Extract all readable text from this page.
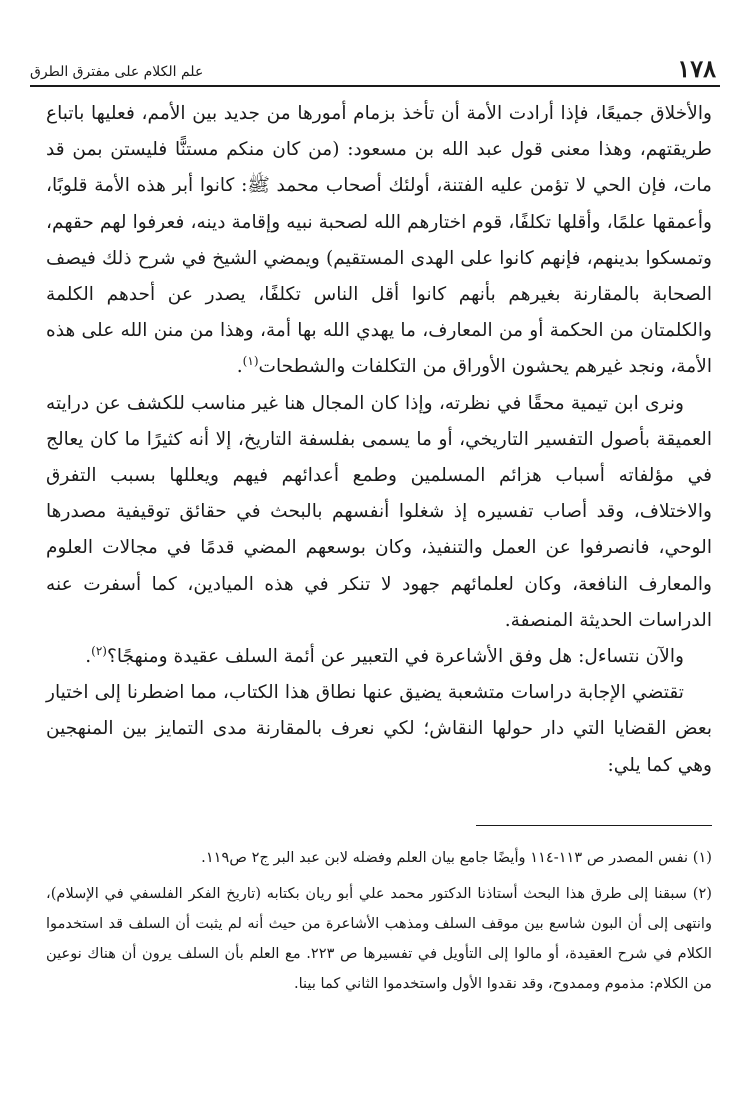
١٧٨
علم الكلام على مفترق الطرق

والأخلاق جميعًا، فإذا أرادت الأمة أن تأخذ بزمام أمورها من جديد بين الأمم، فعليها باتباع طريقتهم، وهذا معنى قول عبد الله بن مسعود: (من كان منكم مستنًّا فليستن بمن قد مات، فإن الحي لا تؤمن عليه الفتنة، أولئك أصحاب محمد ﷺ: كانوا أبر هذه الأمة قلوبًا، وأعمقها علمًا، وأقلها تكلفًا، قوم اختارهم الله لصحبة نبيه وإقامة دينه، فعرفوا لهم حقهم، وتمسكوا بدينهم، فإنهم كانوا على الهدى المستقيم) ويمضي الشيخ في شرح ذلك فيصف الصحابة بالمقارنة بغيرهم بأنهم كانوا أقل الناس تكلفًا، يصدر عن أحدهم الكلمة والكلمتان من الحكمة أو من المعارف، ما يهدي الله بها أمة، وهذا من منن الله على هذه الأمة، ونجد غيرهم يحشون الأوراق من التكلفات والشطحات$^{(١)}$.

ونرى ابن تيمية محقًا في نظرته، وإذا كان المجال هنا غير مناسب للكشف عن درايته العميقة بأصول التفسير التاريخي، أو ما يسمى بفلسفة التاريخ، إلا أنه كثيرًا ما كان يعالج في مؤلفاته أسباب هزائم المسلمين وطمع أعدائهم فيهم ويعللها بسبب التفرق والاختلاف، وقد أصاب تفسيره إذ شغلوا أنفسهم بالبحث في حقائق توقيفية مصدرها الوحي، فانصرفوا عن العمل والتنفيذ، وكان بوسعهم المضي قدمًا في مجالات العلوم والمعارف النافعة، وكان لعلمائهم جهود لا تنكر في هذه الميادين، كما أسفرت عنه الدراسات الحديثة المنصفة.

والآن نتساءل: هل وفق الأشاعرة في التعبير عن أئمة السلف عقيدة ومنهجًا؟$^{(٢)}$.

تقتضي الإجابة دراسات متشعبة يضيق عنها نطاق هذا الكتاب، مما اضطرنا إلى اختيار بعض القضايا التي دار حولها النقاش؛ لكي نعرف بالمقارنة مدى التمايز بين المنهجين وهي كما يلي:

(١) نفس المصدر ص ١١٣-١١٤ وأيضًا جامع بيان العلم وفضله لابن عبد البر ج٢ ص١١٩.

(٢) سبقنا إلى طرق هذا البحث أستاذنا الدكتور محمد علي أبو ريان بكتابه (تاريخ الفكر الفلسفي في الإسلام)، وانتهى إلى أن البون شاسع بين موقف السلف ومذهب الأشاعرة من حيث أنه لم يثبت أن السلف قد استخدموا الكلام في شرح العقيدة، أو مالوا إلى التأويل في تفسيرها ص ٢٢٣. مع العلم بأن السلف يرون أن هناك نوعين من الكلام: مذموم وممدوح، وقد نقدوا الأول واستخدموا الثاني كما بينا.
